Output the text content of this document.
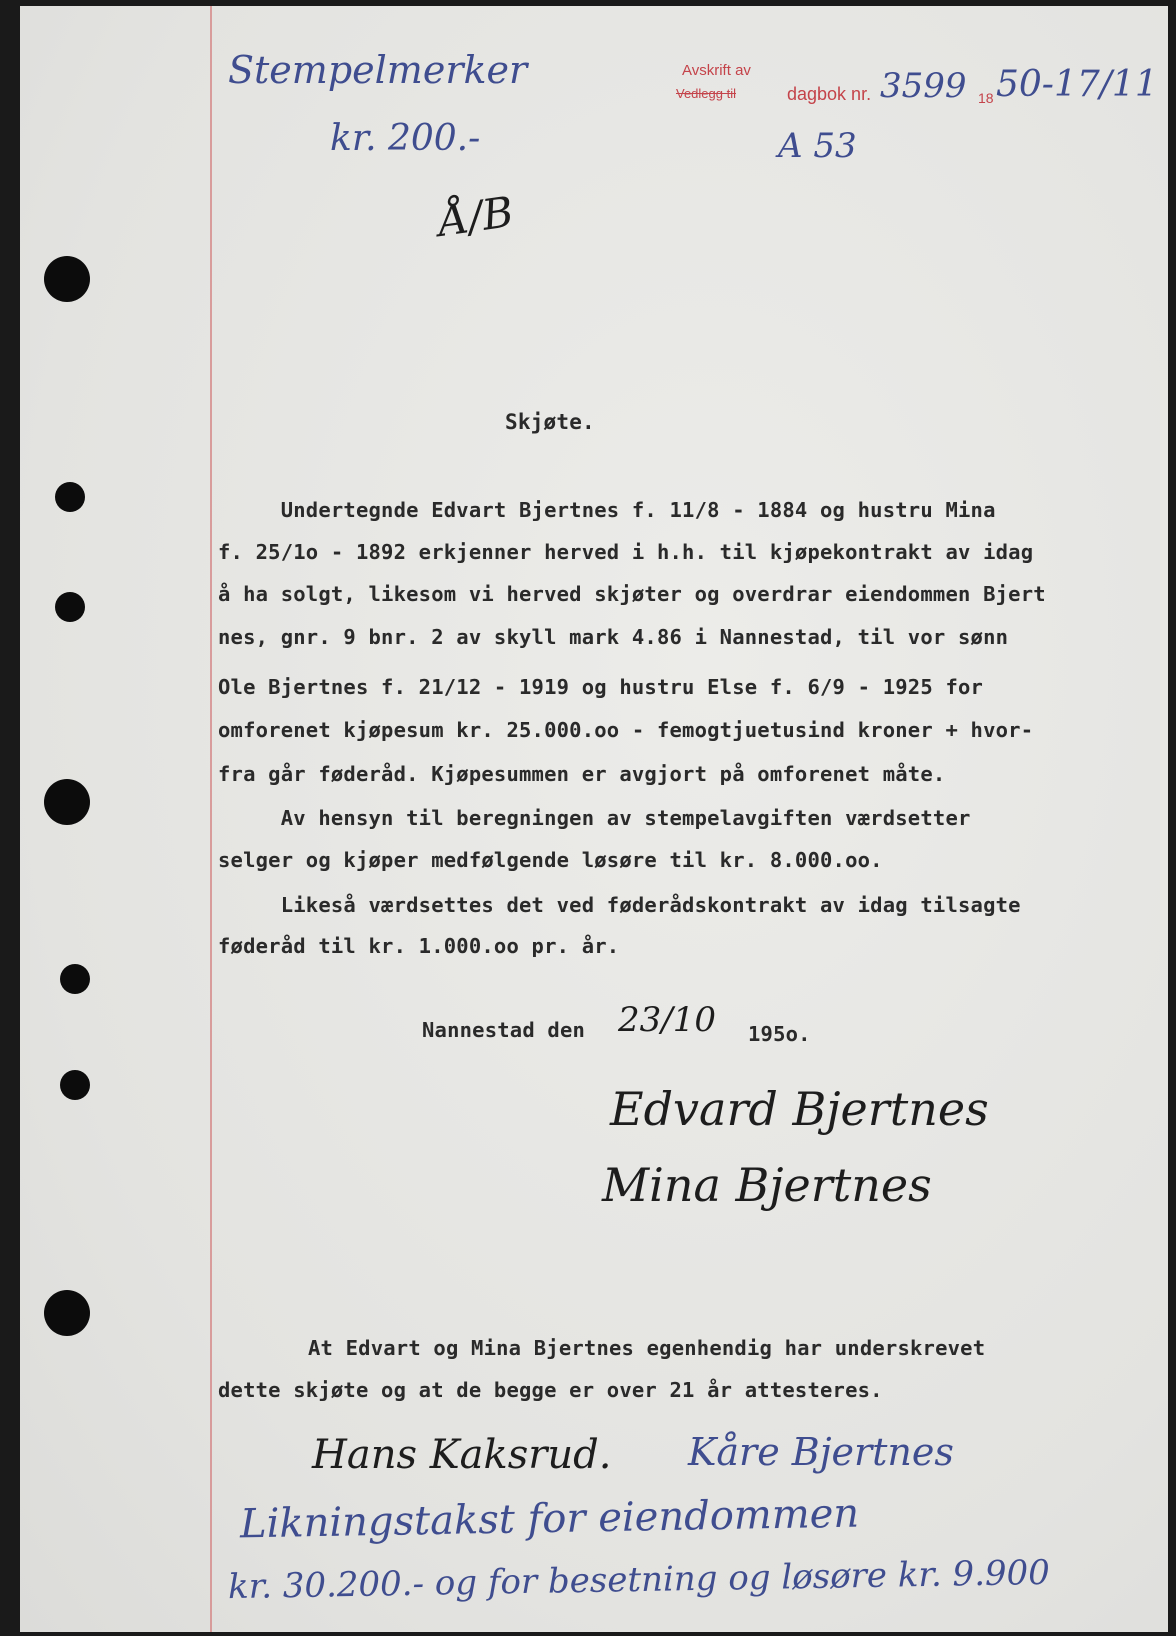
Stempelmerker
kr. 200.-
Å/B
Avskrift av
Vedlegg til	dagbok nr. 3599 18 50-17/11
A 53
Skjøte.
Undertegnde Edvart Bjertnes f. 11/8 - 1884 og hustru Mina
f. 25/1o - 1892 erkjenner herved i h.h. til kjøpekontrakt av idag
å ha solgt, likesom vi herved skjøter og overdrar eiendommen Bjert
nes, gnr. 9 bnr. 2 av skyll mark 4.86 i Nannestad, til vor sønn
Ole Bjertnes f. 21/12 - 1919 og hustru Else f. 6/9 - 1925 for
omforenet kjøpesum kr. 25.000.oo - femogtjuetusind kroner + hvor-
fra går føderåd. Kjøpesummen er avgjort på omforenet måte.
Av hensyn til beregningen av stempelavgiften værdsetter
selger og kjøper medfølgende løsøre til kr. 8.000.oo.
Likeså værdsettes det ved føderådskontrakt av idag tilsagte
føderåd til kr. 1.000.oo pr. år.
Nannestad den 23/10 195o.
Edvard Bjertnes
Mina Bjertnes
At Edvart og Mina Bjertnes egenhendig har underskrevet
dette skjøte og at de begge er over 21 år attesteres.
Hans Kaksrud. Kåre Bjertnes
Likningstakst for eiendommen
kr. 30.200.- og for besetning og løsøre kr. 9.900
